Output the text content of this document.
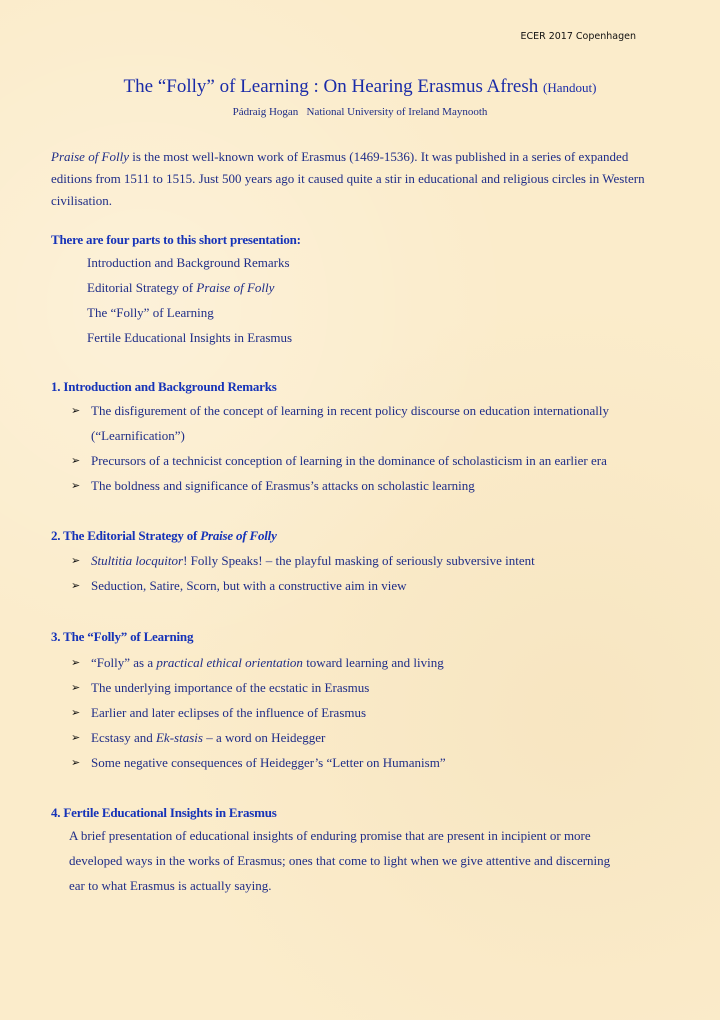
ECER 2017 Copenhagen
The “Folly” of Learning : On Hearing Erasmus Afresh (Handout)
Pádraig Hogan National University of Ireland Maynooth
Praise of Folly is the most well-known work of Erasmus (1469-1536). It was published in a series of expanded editions from 1511 to 1515. Just 500 years ago it caused quite a stir in educational and religious circles in Western civilisation.
There are four parts to this short presentation:
Introduction and Background Remarks
Editorial Strategy of Praise of Folly
The “Folly” of Learning
Fertile Educational Insights in Erasmus
1. Introduction and Background Remarks
➢ The disfigurement of the concept of learning in recent policy discourse on education internationally
(“Learnification”)
➢ Precursors of a technicist conception of learning in the dominance of scholasticism in an earlier era
➢ The boldness and significance of Erasmus’s attacks on scholastic learning
2. The Editorial Strategy of Praise of Folly
➢ Stultitia locquitor! Folly Speaks! – the playful masking of seriously subversive intent
➢ Seduction, Satire, Scorn, but with a constructive aim in view
3. The “Folly” of Learning
➢ “Folly” as a practical ethical orientation toward learning and living
➢ The underlying importance of the ecstatic in Erasmus
➢ Earlier and later eclipses of the influence of Erasmus
➢ Ecstasy and Ek-stasis – a word on Heidegger
➢ Some negative consequences of Heidegger’s “Letter on Humanism”
4. Fertile Educational Insights in Erasmus
A brief presentation of educational insights of enduring promise that are present in incipient or more
developed ways in the works of Erasmus; ones that come to light when we give attentive and discerning
ear to what Erasmus is actually saying.
